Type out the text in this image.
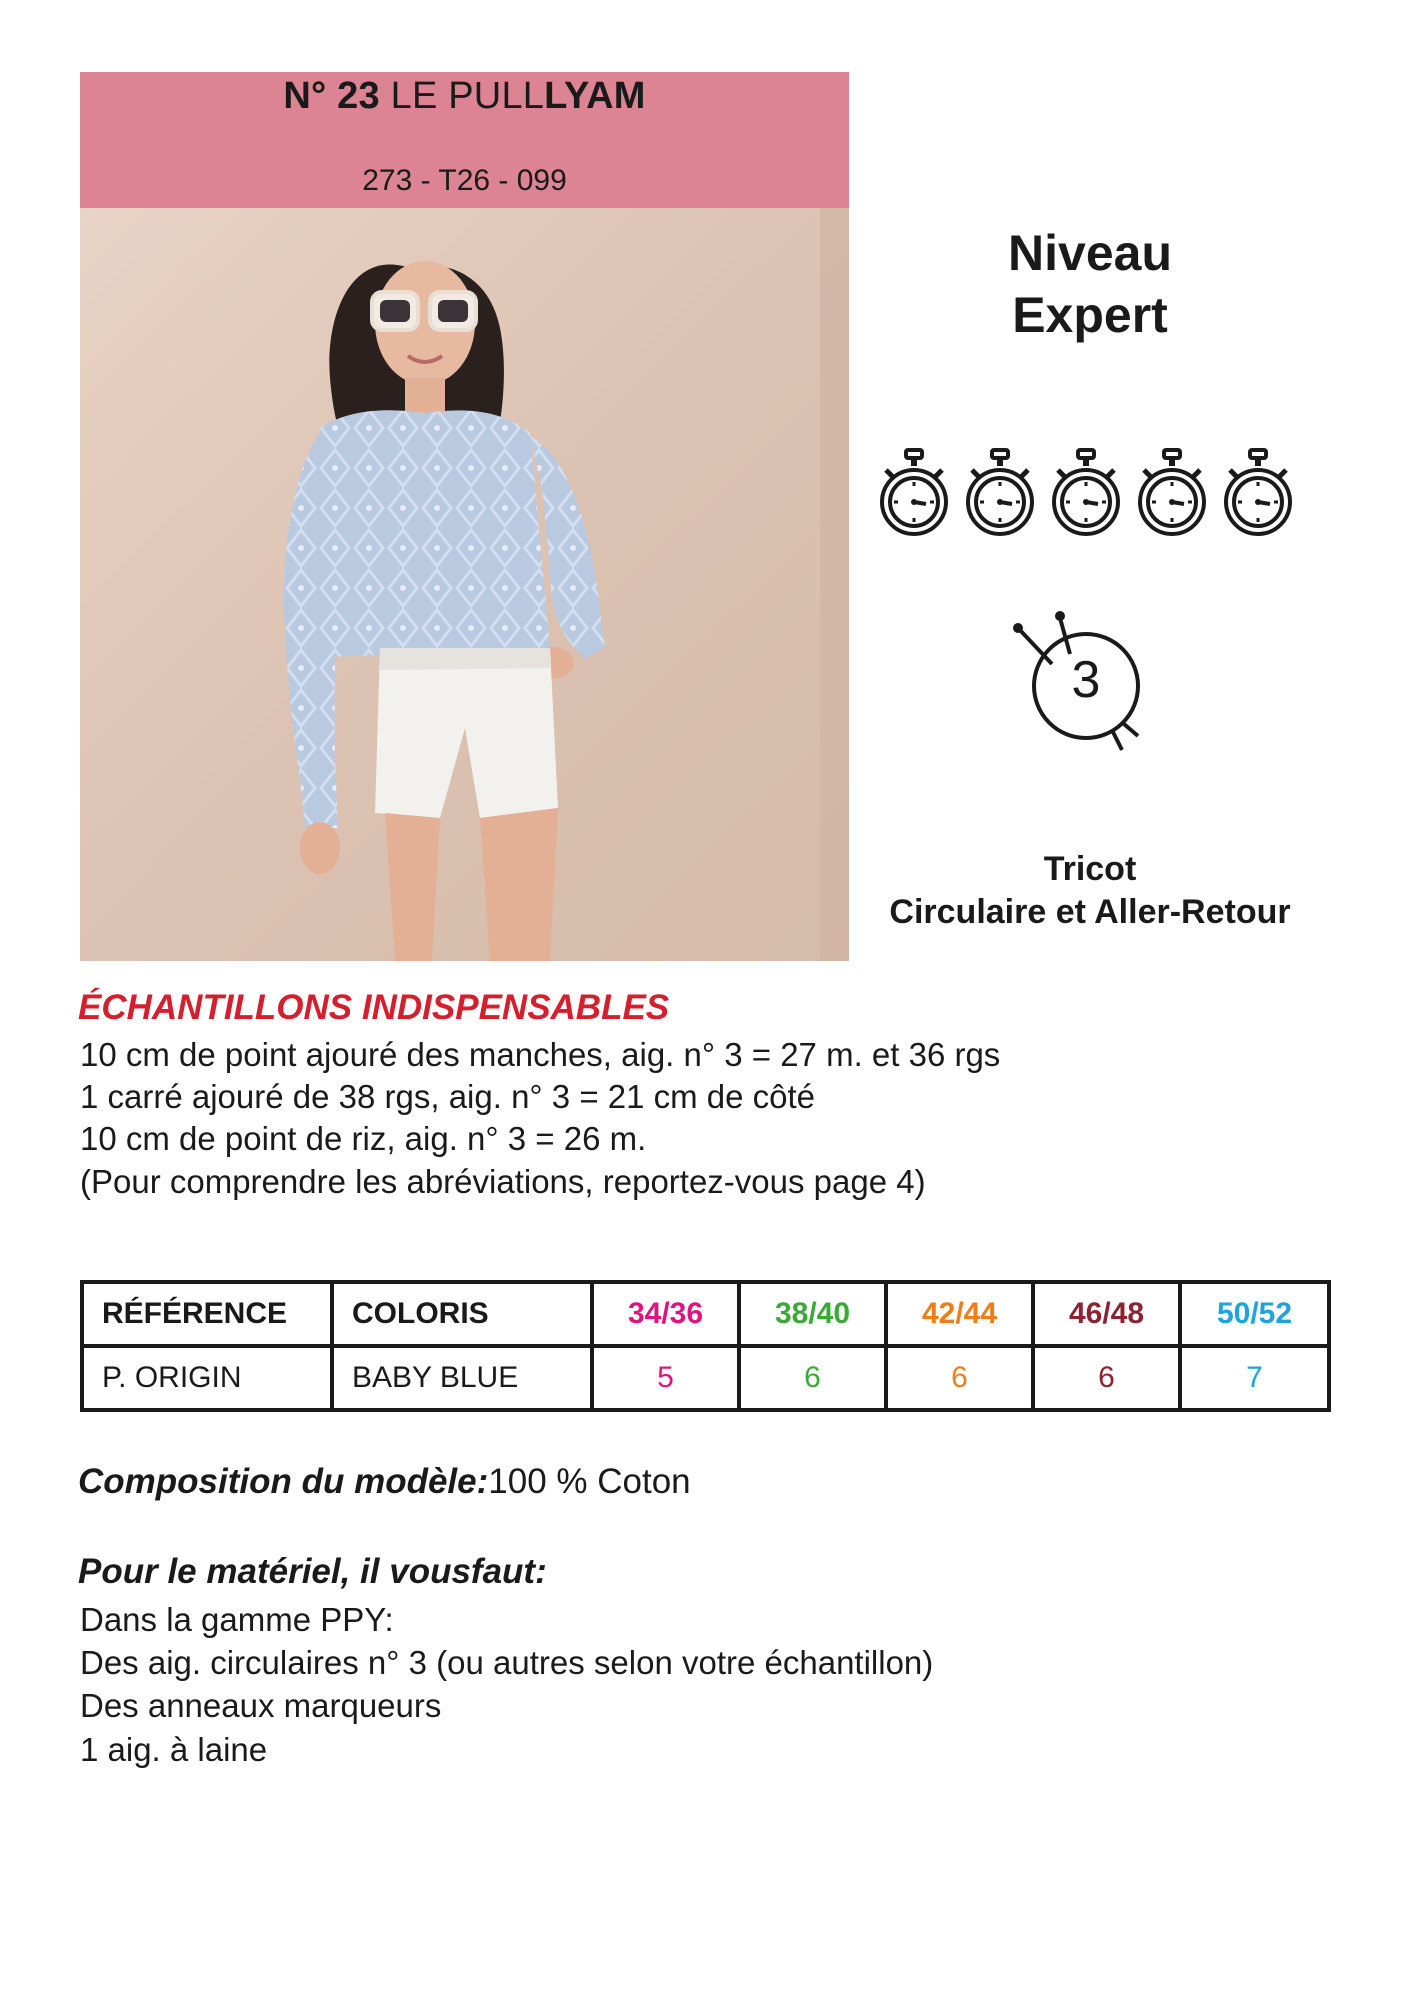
N° 23 LE PULLLYAM
273 - T26 - 099
Niveau
Expert
3
Tricot
Circulaire et Aller-Retour
ÉCHANTILLONS INDISPENSABLES
10 cm de point ajouré des manches, aig. n° 3 = 27 m. et 36 rgs
1 carré ajouré de 38 rgs, aig. n° 3 = 21 cm de côté
10 cm de point de riz, aig. n° 3 = 26 m.
(Pour comprendre les abréviations, reportez-vous page 4)
RÉFÉRENCE	COLORIS	34/36	38/40	42/44	46/48	50/52
P. ORIGIN	BABY BLUE	5	6	6	6	7
Composition du modèle:100 % Coton
Pour le matériel, il vousfaut:
Dans la gamme PPY:
Des aig. circulaires n° 3 (ou autres selon votre échantillon)
Des anneaux marqueurs
1 aig. à laine
